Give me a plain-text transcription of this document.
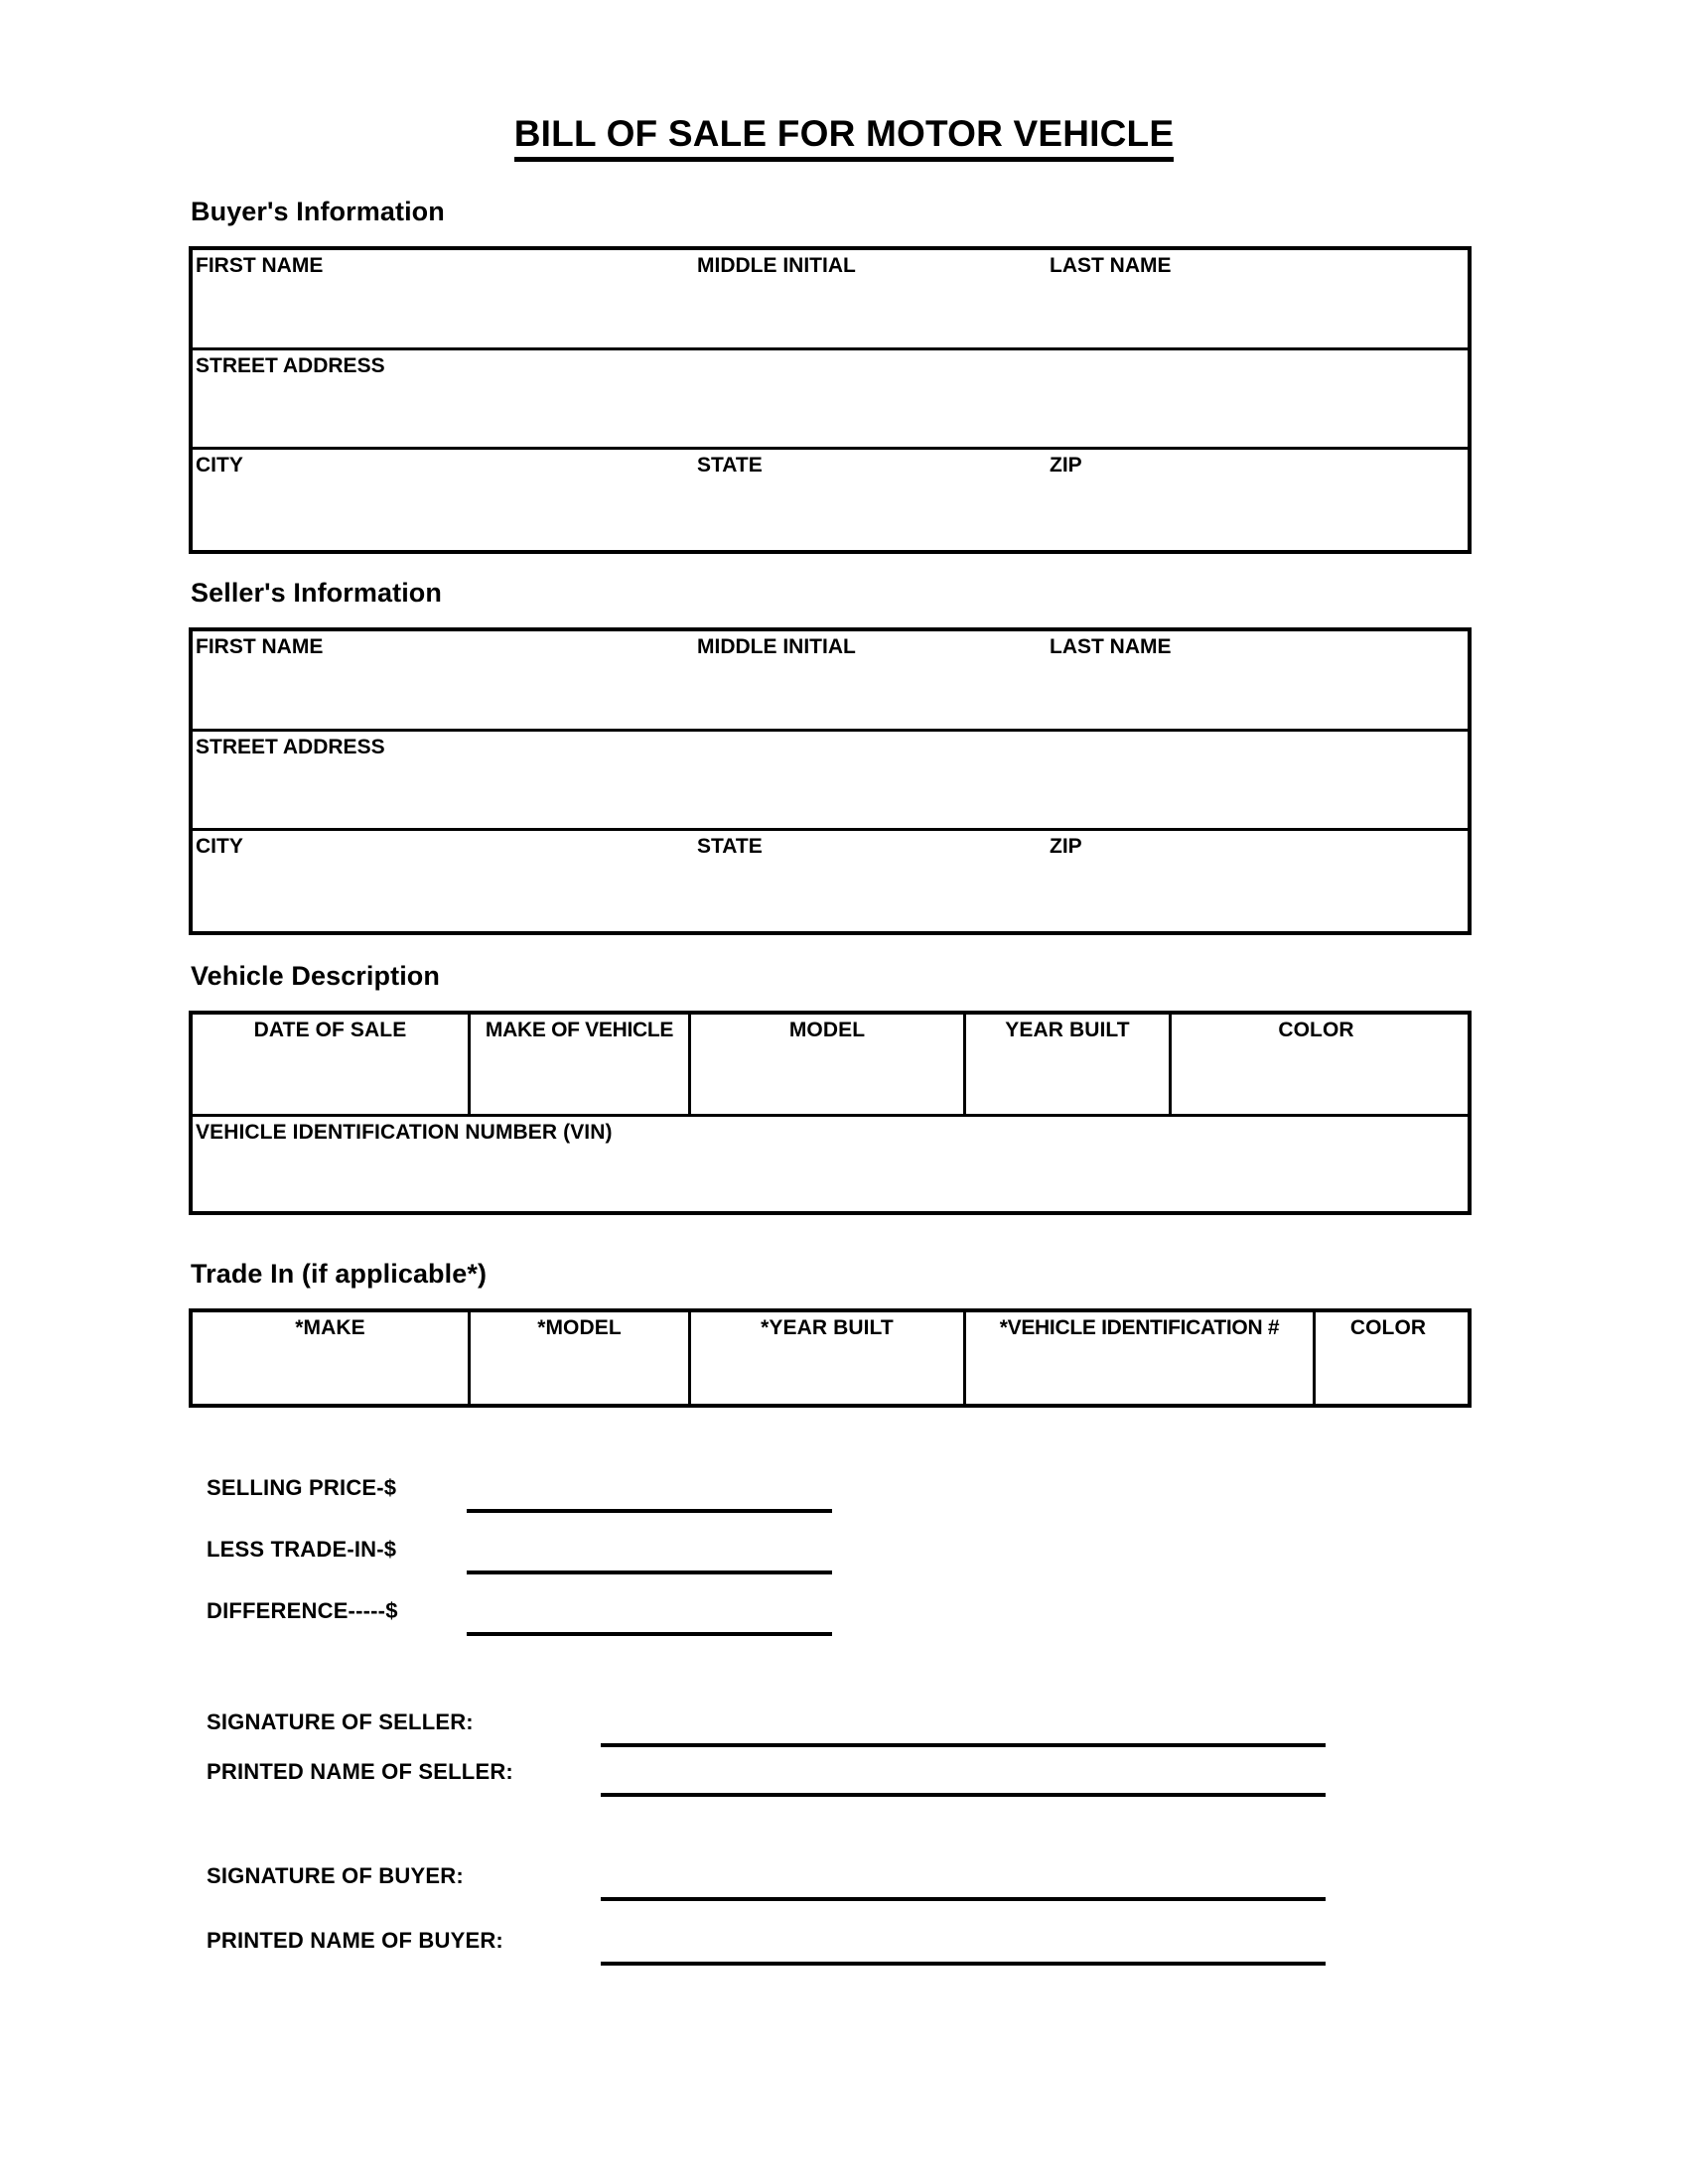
BILL OF SALE FOR MOTOR VEHICLE
Buyer's Information
FIRST NAME	MIDDLE INITIAL	LAST NAME
STREET ADDRESS
CITY	STATE	ZIP
Seller's Information
FIRST NAME	MIDDLE INITIAL	LAST NAME
STREET ADDRESS
CITY	STATE	ZIP
Vehicle Description
DATE OF SALE	MAKE OF VEHICLE	MODEL	YEAR BUILT	COLOR
VEHICLE IDENTIFICATION NUMBER (VIN)
Trade In (if applicable*)
*MAKE	*MODEL	*YEAR BUILT	*VEHICLE IDENTIFICATION #	COLOR
SELLING PRICE-$
LESS TRADE-IN-$
DIFFERENCE-----$
SIGNATURE OF SELLER:
PRINTED NAME OF SELLER:
SIGNATURE OF BUYER:
PRINTED NAME OF BUYER:
